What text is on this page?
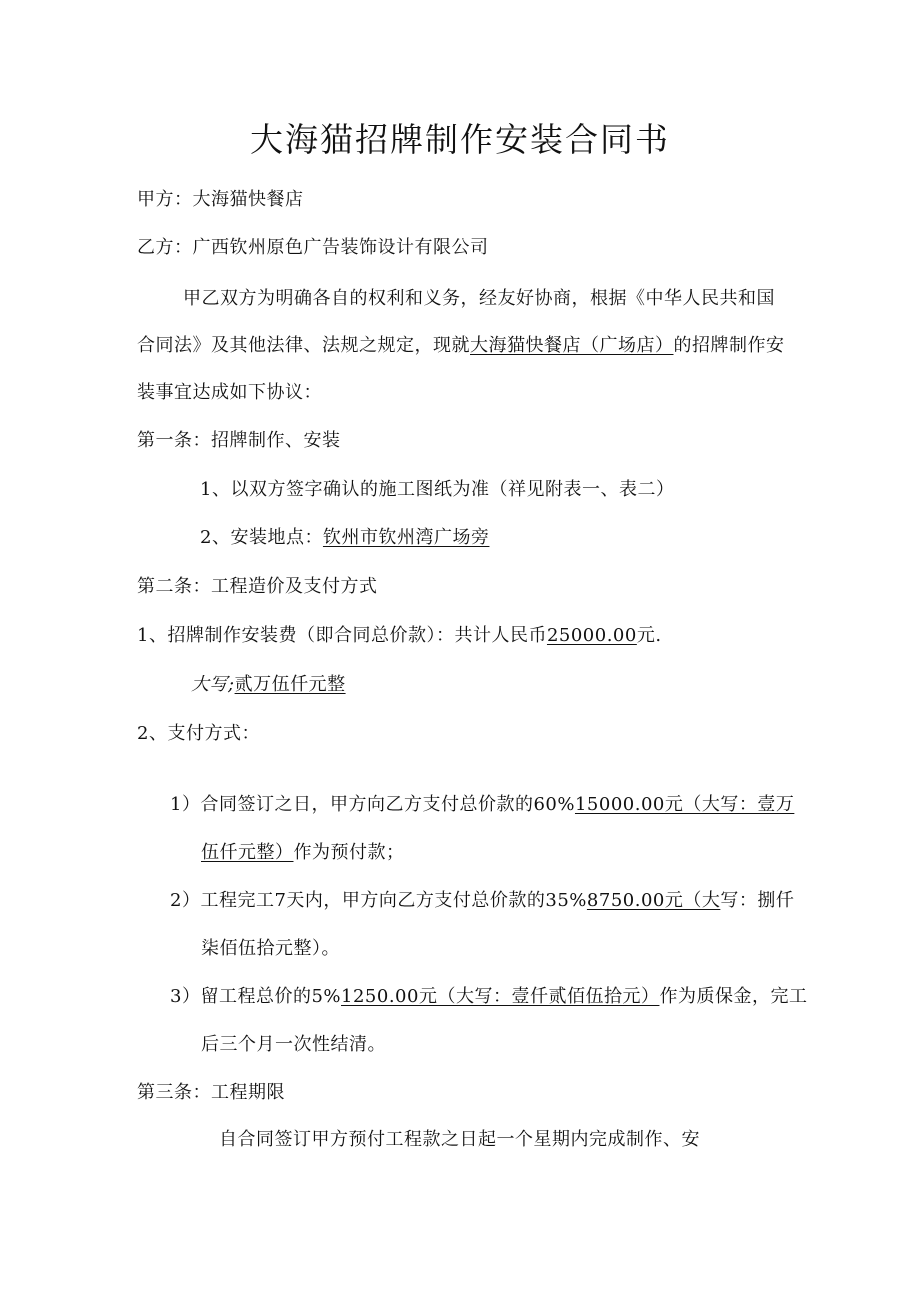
大海猫招牌制作安装合同书
甲方：大海猫快餐店
乙方：广西钦州原色广告装饰设计有限公司
甲乙双方为明确各自的权利和义务，经友好协商，根据《中华人民共和国
合同法》及其他法律、法规之规定，现就大海猫快餐店（广场店）的招牌制作安
装事宜达成如下协议：
第一条：招牌制作、安装
1、以双方签字确认的施工图纸为准（祥见附表一、表二）
2、安装地点：钦州市钦州湾广场旁
第二条：工程造价及支付方式
1、招牌制作安装费（即合同总价款）：共计人民币25000.00元.
大写;贰万伍仟元整
2、支付方式：
1）合同签订之日，甲方向乙方支付总价款的60%15000.00元（大写：壹万
伍仟元整）作为预付款；
2）工程完工7天内，甲方向乙方支付总价款的35%8750.00元（大写：捌仟
柒佰伍拾元整）。
3）留工程总价的5%1250.00元（大写：壹仟贰佰伍拾元）作为质保金，完工
后三个月一次性结清。
第三条：工程期限
自合同签订甲方预付工程款之日起一个星期内完成制作、安
